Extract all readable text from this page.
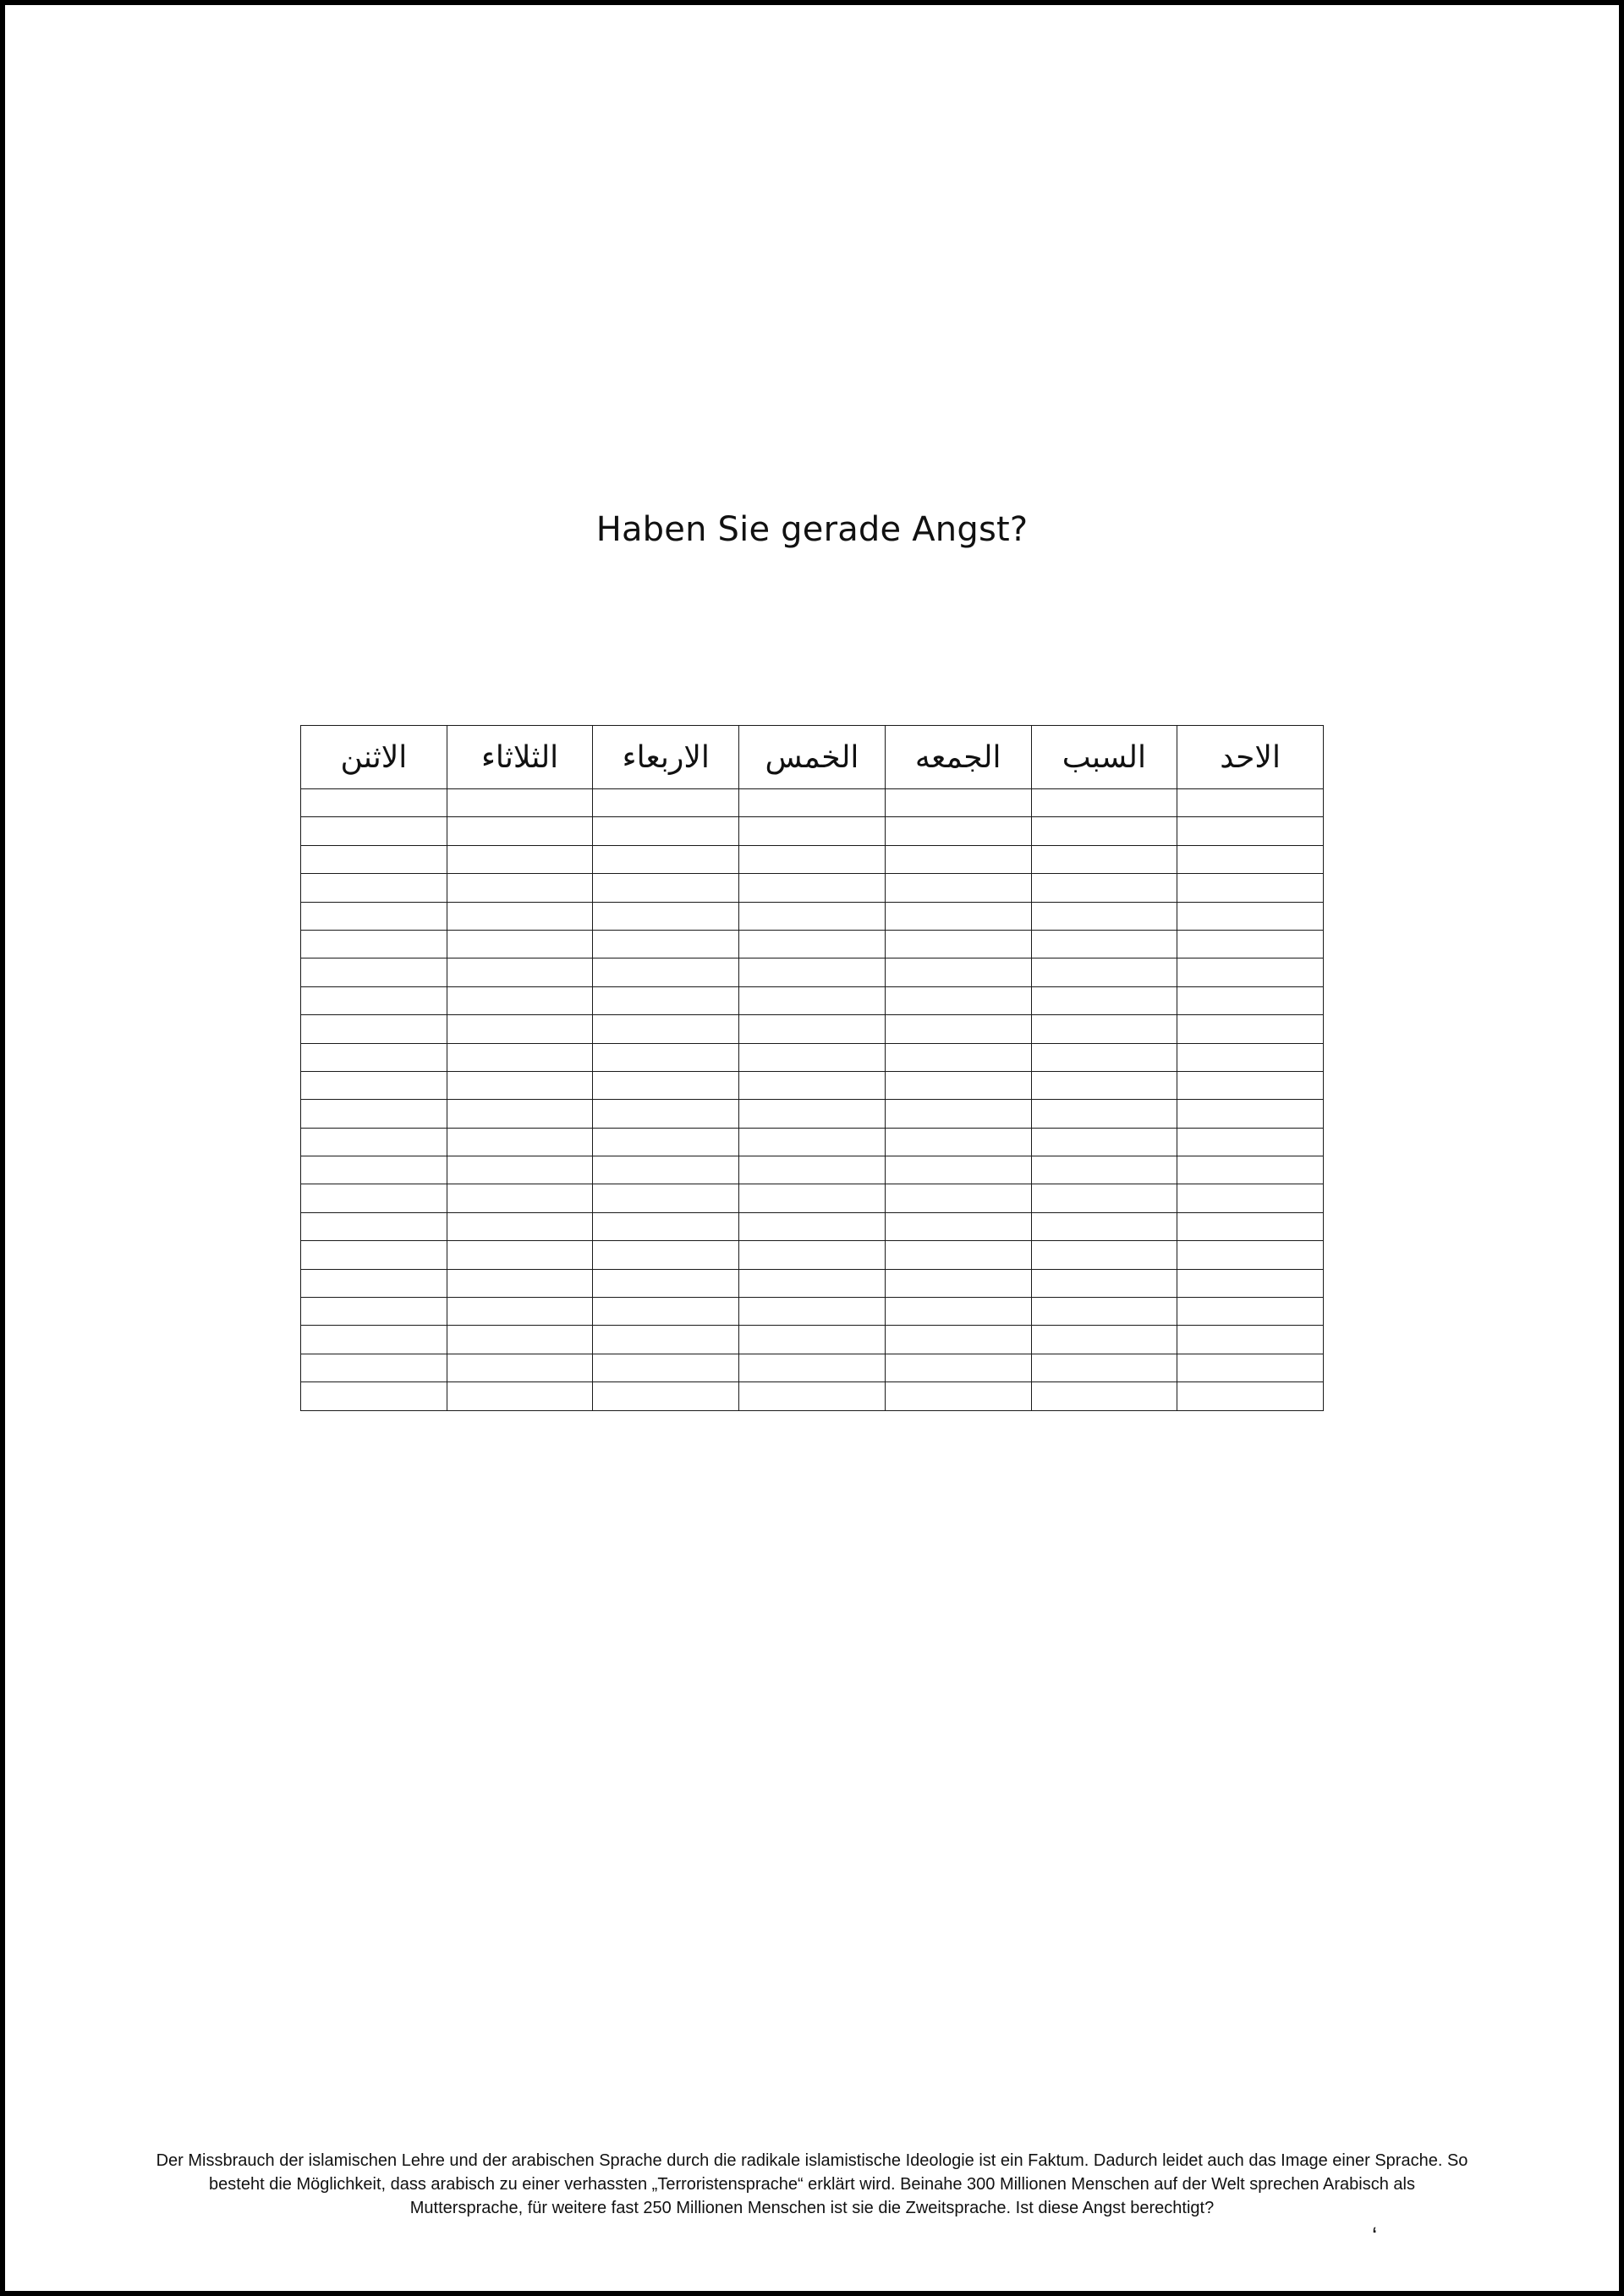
Haben Sie gerade Angst?
الاثنن	الثلاثاء	الاربعاء	الخمس	الجمعه	السبب	الاحد

Der Missbrauch der islamischen Lehre und der arabischen Sprache durch die radikale islamistische Ideologie ist ein Faktum. Dadurch leidet auch das Image einer Sprache. So besteht die Möglichkeit, dass arabisch zu einer verhassten „Terroristensprache“ erklärt wird. Beinahe 300 Millionen Menschen auf der Welt sprechen Arabisch als Muttersprache, für weitere fast 250 Millionen Menschen ist sie die Zweitsprache. Ist diese Angst berechtigt?
ʻ
